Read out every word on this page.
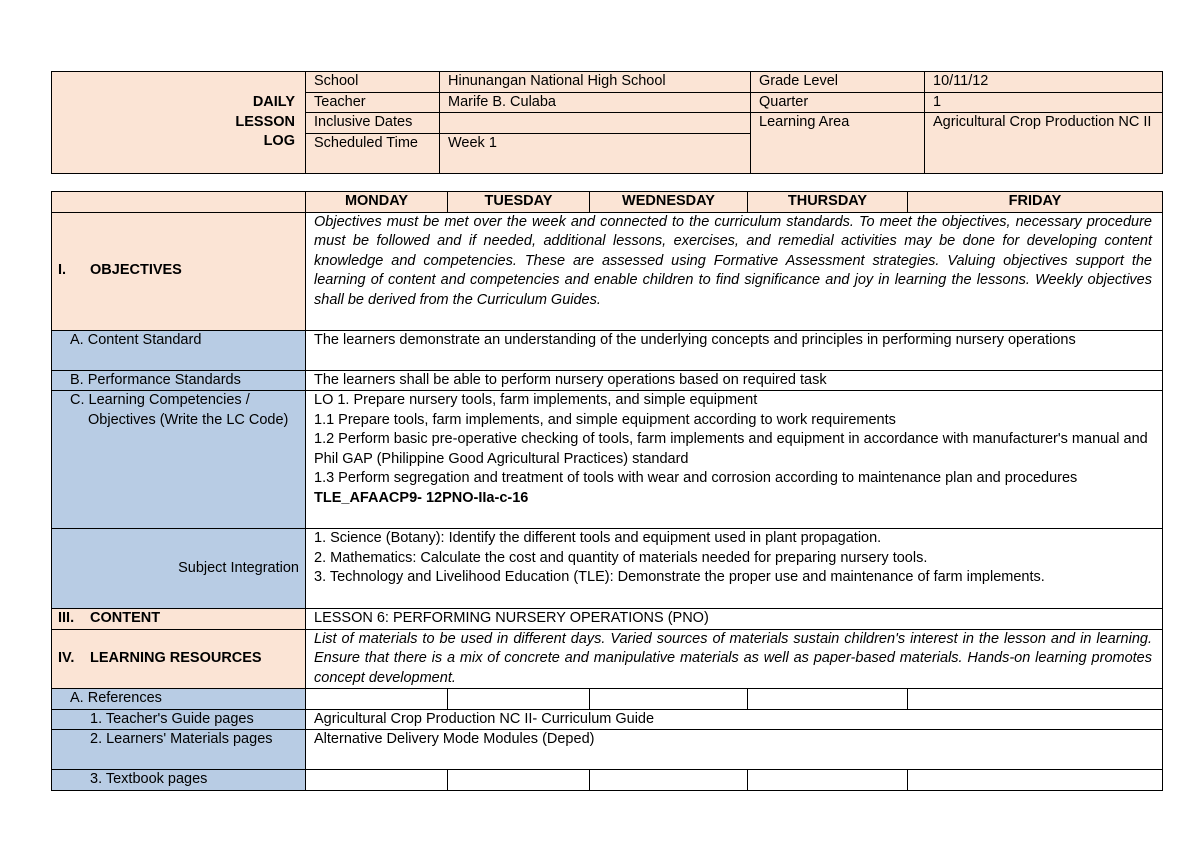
DAILY
LESSON
LOG	School	Hinunangan National High School	Grade Level	10/11/12
	Teacher	Marife B. Culaba	Quarter	1
	Inclusive Dates		Learning Area	Agricultural Crop Production NC II
	Scheduled Time	Week 1		
	MONDAY	TUESDAY	WEDNESDAY	THURSDAY	FRIDAY
I. OBJECTIVES	Objectives must be met over the week and connected to the curriculum standards. To meet the objectives, necessary procedure must be followed and if needed, additional lessons, exercises, and remedial activities may be done for developing content knowledge and competencies. These are assessed using Formative Assessment strategies. Valuing objectives support the learning of content and competencies and enable children to find significance and joy in learning the lessons. Weekly objectives shall be derived from the Curriculum Guides.				
A. Content Standard	The learners demonstrate an understanding of the underlying concepts and principles in performing nursery operations				
B. Performance Standards	The learners shall be able to perform nursery operations based on required task				

C. Learning Competencies / Objectives (Write the LC Code)	LO 1. Prepare nursery tools, farm implements, and simple equipment
1.1 Prepare tools, farm implements, and simple equipment according to work requirements
1.2 Perform basic pre-operative checking of tools, farm implements and equipment in accordance with manufacturer's manual and Phil GAP (Philippine Good Agricultural Practices) standard
1.3 Perform segregation and treatment of tools with wear and corrosion according to maintenance plan and procedures
TLE_AFAACP9- 12PNO-IIa-c-16				

Subject Integration	1. Science (Botany): Identify the different tools and equipment used in plant propagation.
2. Mathematics: Calculate the cost and quantity of materials needed for preparing nursery tools.
3. Technology and Livelihood Education (TLE): Demonstrate the proper use and maintenance of farm implements.				

III. CONTENT	LESSON 6: PERFORMING NURSERY OPERATIONS (PNO)				
IV. LEARNING RESOURCES	List of materials to be used in different days. Varied sources of materials sustain children's interest in the lesson and in learning. Ensure that there is a mix of concrete and manipulative materials as well as paper-based materials. Hands-on learning promotes concept development.				
A. References					
1. Teacher's Guide pages	Agricultural Crop Production NC II- Curriculum Guide				

2. Learners' Materials pages	Alternative Delivery Mode Modules (Deped)				
3. Textbook pages					
